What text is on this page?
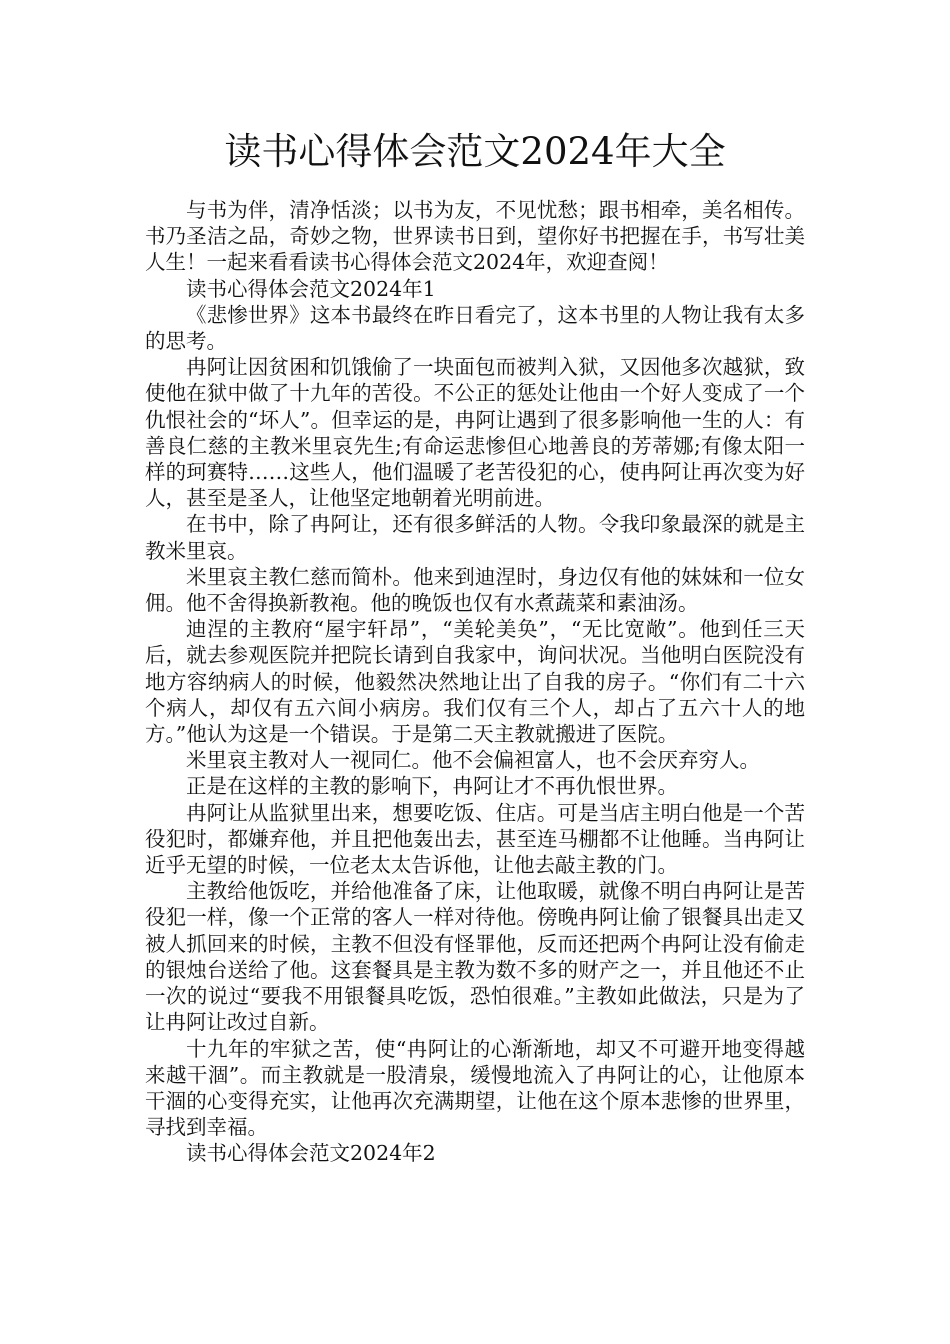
读书心得体会范文2024年大全

与书为伴，清净恬淡；以书为友，不见忧愁；跟书相牵，美名相传。书乃圣洁之品，奇妙之物，世界读书日到，望你好书把握在手，书写壮美人生！一起来看看读书心得体会范文2024年，欢迎查阅！

读书心得体会范文2024年1

《悲惨世界》这本书最终在昨日看完了，这本书里的人物让我有太多的思考。

冉阿让因贫困和饥饿偷了一块面包而被判入狱，又因他多次越狱，致使他在狱中做了十九年的苦役。不公正的惩处让他由一个好人变成了一个仇恨社会的“坏人”。但幸运的是，冉阿让遇到了很多影响他一生的人：有善良仁慈的主教米里哀先生;有命运悲惨但心地善良的芳蒂娜;有像太阳一样的珂赛特……这些人，他们温暖了老苦役犯的心，使冉阿让再次变为好人，甚至是圣人，让他坚定地朝着光明前进。

在书中，除了冉阿让，还有很多鲜活的人物。令我印象最深的就是主教米里哀。

米里哀主教仁慈而简朴。他来到迪涅时，身边仅有他的妹妹和一位女佣。他不舍得换新教袍。他的晚饭也仅有水煮蔬菜和素油汤。

迪涅的主教府“屋宇轩昂”，“美轮美奂”，“无比宽敞”。他到任三天后，就去参观医院并把院长请到自我家中，询问状况。当他明白医院没有地方容纳病人的时候，他毅然决然地让出了自我的房子。“你们有二十六个病人，却仅有五六间小病房。我们仅有三个人，却占了五六十人的地方。”他认为这是一个错误。于是第二天主教就搬进了医院。

米里哀主教对人一视同仁。他不会偏袒富人，也不会厌弃穷人。

正是在这样的主教的影响下，冉阿让才不再仇恨世界。

冉阿让从监狱里出来，想要吃饭、住店。可是当店主明白他是一个苦役犯时，都嫌弃他，并且把他轰出去，甚至连马棚都不让他睡。当冉阿让近乎无望的时候，一位老太太告诉他，让他去敲主教的门。

主教给他饭吃，并给他准备了床，让他取暖，就像不明白冉阿让是苦役犯一样，像一个正常的客人一样对待他。傍晚冉阿让偷了银餐具出走又被人抓回来的时候，主教不但没有怪罪他，反而还把两个冉阿让没有偷走的银烛台送给了他。这套餐具是主教为数不多的财产之一，并且他还不止一次的说过“要我不用银餐具吃饭，恐怕很难。”主教如此做法，只是为了让冉阿让改过自新。

十九年的牢狱之苦，使“冉阿让的心渐渐地，却又不可避开地变得越来越干涸”。而主教就是一股清泉，缓慢地流入了冉阿让的心，让他原本干涸的心变得充实，让他再次充满期望，让他在这个原本悲惨的世界里，寻找到幸福。

读书心得体会范文2024年2
